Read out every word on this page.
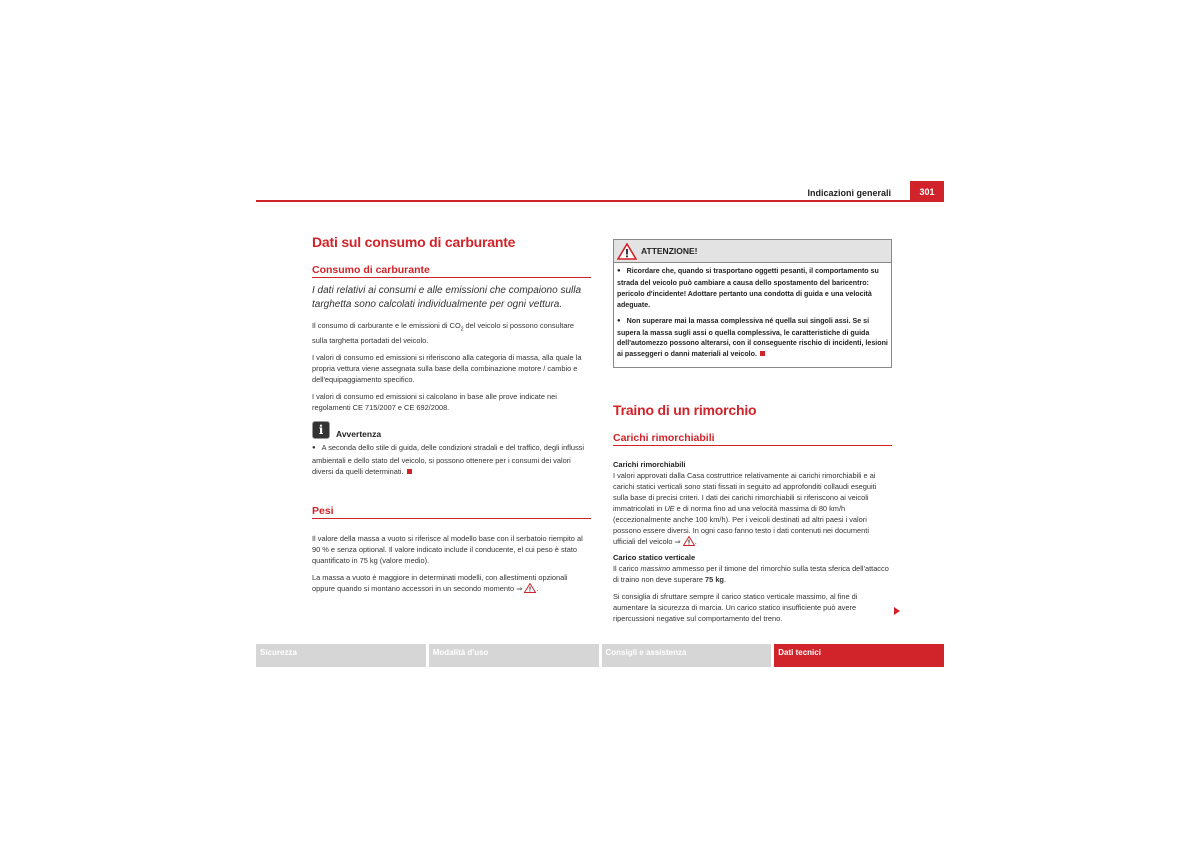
Indicazioni generali	301
Dati sul consumo di carburante
Consumo di carburante

I dati relativi ai consumi e alle emissioni che compaiono sulla targhetta sono calcolati individualmente per ogni vettura.

Il consumo di carburante e le emissioni di $CO_2$ del veicolo si possono consultare sulla targhetta portadati del veicolo.

I valori di consumo ed emissioni si riferiscono alla categoria di massa, alla quale la propria vettura viene assegnata sulla base della combinazione motore / cambio e dell'equipaggiamento specifico.

I valori di consumo ed emissioni si calcolano in base alle prove indicate nei regolamenti CE 715/2007 e CE 692/2008.

i	Avvertenza

● A seconda dello stile di guida, delle condizioni stradali e del traffico, degli influssi ambientali e dello stato del veicolo, si possono ottenere per i consumi dei valori diversi da quelli determinati.

Pesi

Il valore della massa a vuoto si riferisce al modello base con il serbatoio riempito al 90 % e senza optional. Il valore indicato include il conducente, el cui peso è stato quantificato in 75 kg (valore medio).

La massa a vuoto è maggiore in determinati modelli, con allestimenti opzionali oppure quando si montano accessori in un secondo momento ⇒ .

ATTENZIONE!

● Ricordare che, quando si trasportano oggetti pesanti, il comportamento su strada del veicolo può cambiare a causa dello spostamento del baricentro: pericolo d'incidente! Adottare pertanto una condotta di guida e una velocità adeguate.

● Non superare mai la massa complessiva né quella sui singoli assi. Se si supera la massa sugli assi o quella complessiva, le caratteristiche di guida dell'automezzo possono alterarsi, con il conseguente rischio di incidenti, lesioni ai passeggeri o danni materiali al veicolo.

Traino di un rimorchio
Carichi rimorchiabili
Carichi rimorchiabili

I valori approvati dalla Casa costruttrice relativamente ai carichi rimorchiabili e ai carichi statici verticali sono stati fissati in seguito ad approfonditi collaudi eseguiti sulla base di precisi criteri. I dati dei carichi rimorchiabili si riferiscono ai veicoli immatricolati in UE e di norma fino ad una velocità massima di 80 km/h (eccezionalmente anche 100 km/h). Per i veicoli destinati ad altri paesi i valori possono essere diversi. In ogni caso fanno testo i dati contenuti nei documenti ufficiali del veicolo ⇒ .

Carico statico verticale

Il carico massimo ammesso per il timone del rimorchio sulla testa sferica dell'attacco di traino non deve superare 75 kg.

Si consiglia di sfruttare sempre il carico statico verticale massimo, al fine di aumentare la sicurezza di marcia. Un carico statico insufficiente può avere ripercussioni negative sul comportamento del treno.

Sicurezza	Modalità d'uso	Consigli e assistenza	Dati tecnici
